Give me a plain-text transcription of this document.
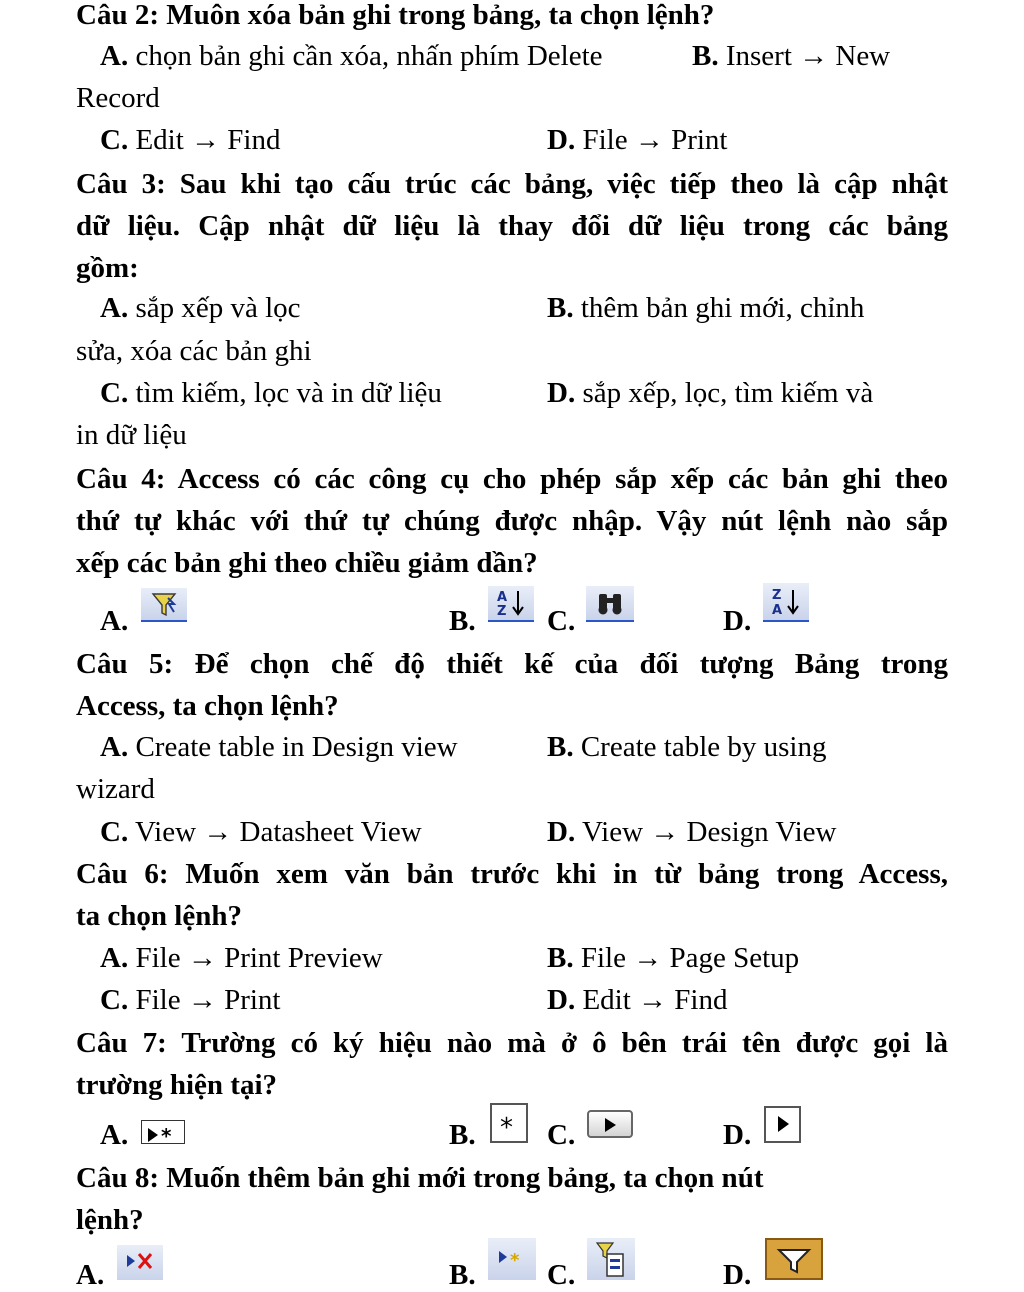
Câu 2: Muôn xóa bản ghi trong bảng, ta chọn lệnh?
A. chọn bản ghi cần xóa, nhấn phím Delete	B. Insert → New
Record
C. Edit → Find	D. File → Print
Câu 3: Sau khi tạo cấu trúc các bảng, việc tiếp theo là cập nhật
dữ liệu. Cập nhật dữ liệu là thay đổi dữ liệu trong các bảng
gồm:
A. sắp xếp và lọc	B. thêm bản ghi mới, chỉnh
sửa, xóa các bản ghi
C. tìm kiếm, lọc và in dữ liệu	D. sắp xếp, lọc, tìm kiếm và
in dữ liệu
Câu 4: Access có các công cụ cho phép sắp xếp các bản ghi theo
thứ tự khác với thứ tự chúng được nhập. Vậy nút lệnh nào sắp
xếp các bản ghi theo chiều giảm dần?
A.	B.
A
Z C.	D.
Z
A
Câu 5: Để chọn chế độ thiết kế của đối tượng Bảng trong
Access, ta chọn lệnh?
A. Create table in Design view	B. Create table by using
wizard
C. View → Datasheet View	D. View → Design View
Câu 6: Muốn xem văn bản trước khi in từ bảng trong Access,
ta chọn lệnh?
A. File → Print Preview	B. File → Page Setup
C. File → Print	D. Edit → Find
Câu 7: Trường có ký hiệu nào mà ở ô bên trái tên được gọi là
trường hiện tại?
A. *	B. * C.	D.
Câu 8: Muốn thêm bản ghi mới trong bảng, ta chọn nút
lệnh?
A.	B. * C.	D.
